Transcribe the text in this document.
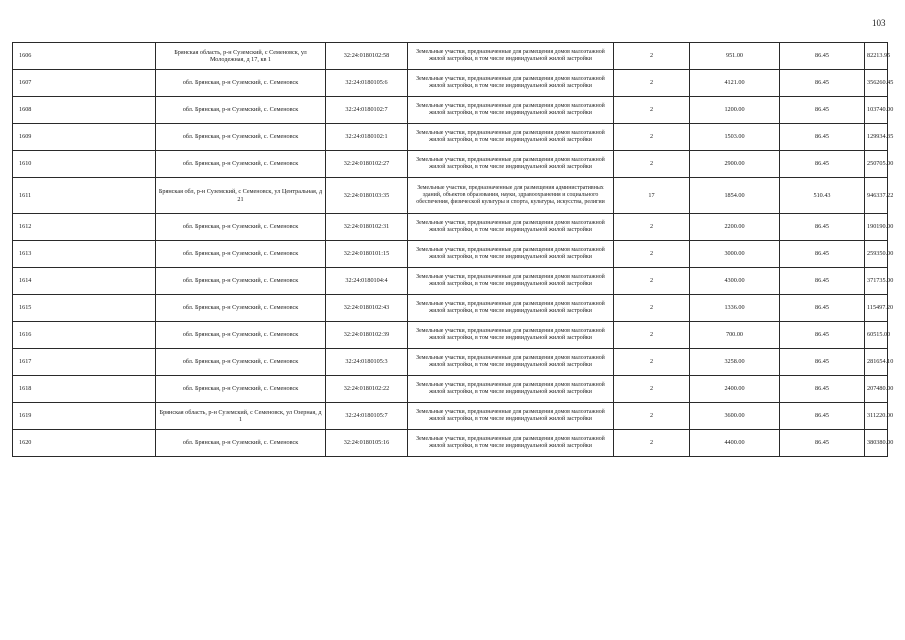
103
1606	Брянская область, р-н Суземский, с Семеновск, ул Молодежная, д 17, кв 1	32:24:0180102:58	Земельные участки, предназначенные для размещения домов малоэтажной жилой застройки, в том числе индивидуальной жилой застройки	2	951.00	86.45	82213.95
1607	обл. Брянская, р-н Суземский, с. Семеновск	32:24:0180105:6	Земельные участки, предназначенные для размещения домов малоэтажной жилой застройки, в том числе индивидуальной жилой застройки	2	4121.00	86.45	356260.45
1608	обл. Брянская, р-н Суземский, с. Семеновск	32:24:0180102:7	Земельные участки, предназначенные для размещения домов малоэтажной жилой застройки, в том числе индивидуальной жилой застройки	2	1200.00	86.45	103740.00
1609	обл. Брянская, р-н Суземский, с. Семеновск	32:24:0180102:1	Земельные участки, предназначенные для размещения домов малоэтажной жилой застройки, в том числе индивидуальной жилой застройки	2	1503.00	86.45	129934.35
1610	обл. Брянская, р-н Суземский, с. Семеновск	32:24:0180102:27	Земельные участки, предназначенные для размещения домов малоэтажной жилой застройки, в том числе индивидуальной жилой застройки	2	2900.00	86.45	250705.00
1611	Брянская обл, р-н Суземский, с Семеновск, ул Центральная, д 21	32:24:0180103:35	Земельные участки, предназначенные для размещения административных зданий, объектов образования, науки, здравоохранения и социального обеспечения, физической культуры и спорта, культуры, искусства, религии	17	1854.00	510.43	946337.22
1612	обл. Брянская, р-н Суземский, с. Семеновск	32:24:0180102:31	Земельные участки, предназначенные для размещения домов малоэтажной жилой застройки, в том числе индивидуальной жилой застройки	2	2200.00	86.45	190190.00
1613	обл. Брянская, р-н Суземский, с. Семеновск	32:24:0180101:15	Земельные участки, предназначенные для размещения домов малоэтажной жилой застройки, в том числе индивидуальной жилой застройки	2	3000.00	86.45	259350.00
1614	обл. Брянская, р-н Суземский, с. Семеновск	32:24:0180104:4	Земельные участки, предназначенные для размещения домов малоэтажной жилой застройки, в том числе индивидуальной жилой застройки	2	4300.00	86.45	371735.00
1615	обл. Брянская, р-н Суземский, с. Семеновск	32:24:0180102:43	Земельные участки, предназначенные для размещения домов малоэтажной жилой застройки, в том числе индивидуальной жилой застройки	2	1336.00	86.45	115497.20
1616	обл. Брянская, р-н Суземский, с. Семеновск	32:24:0180102:39	Земельные участки, предназначенные для размещения домов малоэтажной жилой застройки, в том числе индивидуальной жилой застройки	2	700.00	86.45	60515.00
1617	обл. Брянская, р-н Суземский, с. Семеновск	32:24:0180105:3	Земельные участки, предназначенные для размещения домов малоэтажной жилой застройки, в том числе индивидуальной жилой застройки	2	3258.00	86.45	281654.10
1618	обл. Брянская, р-н Суземский, с. Семеновск	32:24:0180102:22	Земельные участки, предназначенные для размещения домов малоэтажной жилой застройки, в том числе индивидуальной жилой застройки	2	2400.00	86.45	207480.00
1619	Брянская область, р-н Суземский, с Семеновск, ул Озерная, д 1	32:24:0180105:7	Земельные участки, предназначенные для размещения домов малоэтажной жилой застройки, в том числе индивидуальной жилой застройки	2	3600.00	86.45	311220.00
1620	обл. Брянская, р-н Суземский, с. Семеновск	32:24:0180105:16	Земельные участки, предназначенные для размещения домов малоэтажной жилой застройки, в том числе индивидуальной жилой застройки	2	4400.00	86.45	380380.00
